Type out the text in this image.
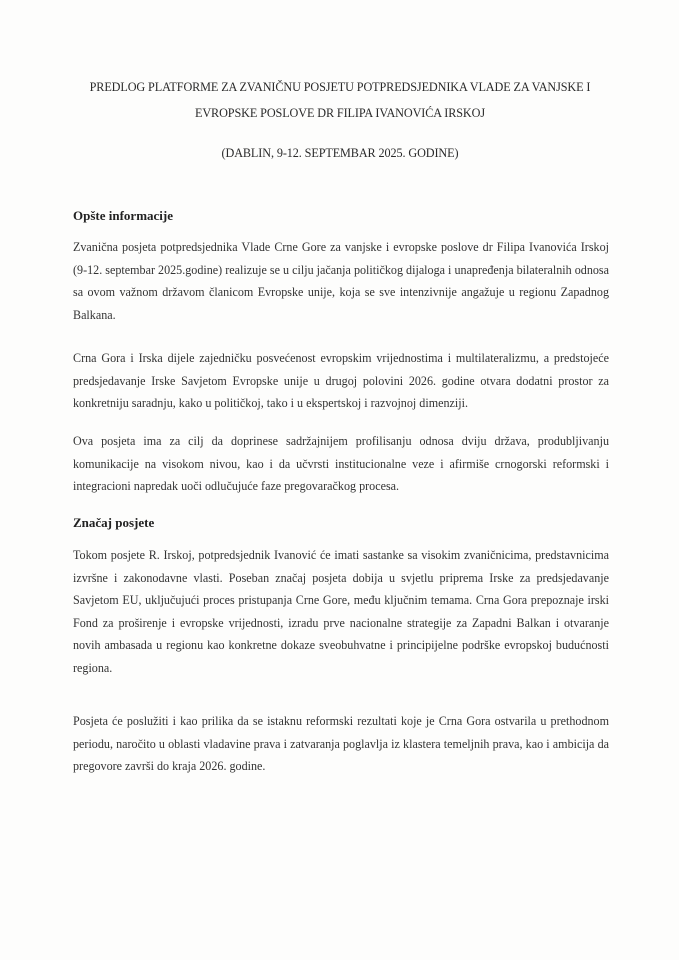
PREDLOG PLATFORME ZA ZVANIČNU POSJETU POTPREDSJEDNIKA VLADE ZA VANJSKE I
EVROPSKE POSLOVE DR FILIPA IVANOVIĆA IRSKOJ
(DABLIN, 9-12. SEPTEMBAR 2025. GODINE)
Opšte informacije
Zvanična posjeta potpredsjednika Vlade Crne Gore za vanjske i evropske poslove dr Filipa Ivanovića Irskoj (9-12. septembar 2025.godine) realizuje se u cilju jačanja političkog dijaloga i unapređenja bilateralnih odnosa sa ovom važnom državom članicom Evropske unije, koja se sve intenzivnije angažuje u regionu Zapadnog Balkana.
Crna Gora i Irska dijele zajedničku posvećenost evropskim vrijednostima i multilateralizmu, a predstojeće predsjedavanje Irske Savjetom Evropske unije u drugoj polovini 2026. godine otvara dodatni prostor za konkretniju saradnju, kako u političkoj, tako i u ekspertskoj i razvojnoj dimenziji.
Ova posjeta ima za cilj da doprinese sadržajnijem profilisanju odnosa dviju država, produbljivanju komunikacije na visokom nivou, kao i da učvrsti institucionalne veze i afirmiše crnogorski reformski i integracioni napredak uoči odlučujuće faze pregovaračkog procesa.
Značaj posjete
Tokom posjete R. Irskoj, potpredsjednik Ivanović će imati sastanke sa visokim zvaničnicima, predstavnicima izvršne i zakonodavne vlasti. Poseban značaj posjeta dobija u svjetlu priprema Irske za predsjedavanje Savjetom EU, uključujući proces pristupanja Crne Gore, među ključnim temama. Crna Gora prepoznaje irski Fond za proširenje i evropske vrijednosti, izradu prve nacionalne strategije za Zapadni Balkan i otvaranje novih ambasada u regionu kao konkretne dokaze sveobuhvatne i principijelne podrške evropskoj budućnosti regiona.
Posjeta će poslužiti i kao prilika da se istaknu reformski rezultati koje je Crna Gora ostvarila u prethodnom periodu, naročito u oblasti vladavine prava i zatvaranja poglavlja iz klastera temeljnih prava, kao i ambicija da pregovore završi do kraja 2026. godine.
